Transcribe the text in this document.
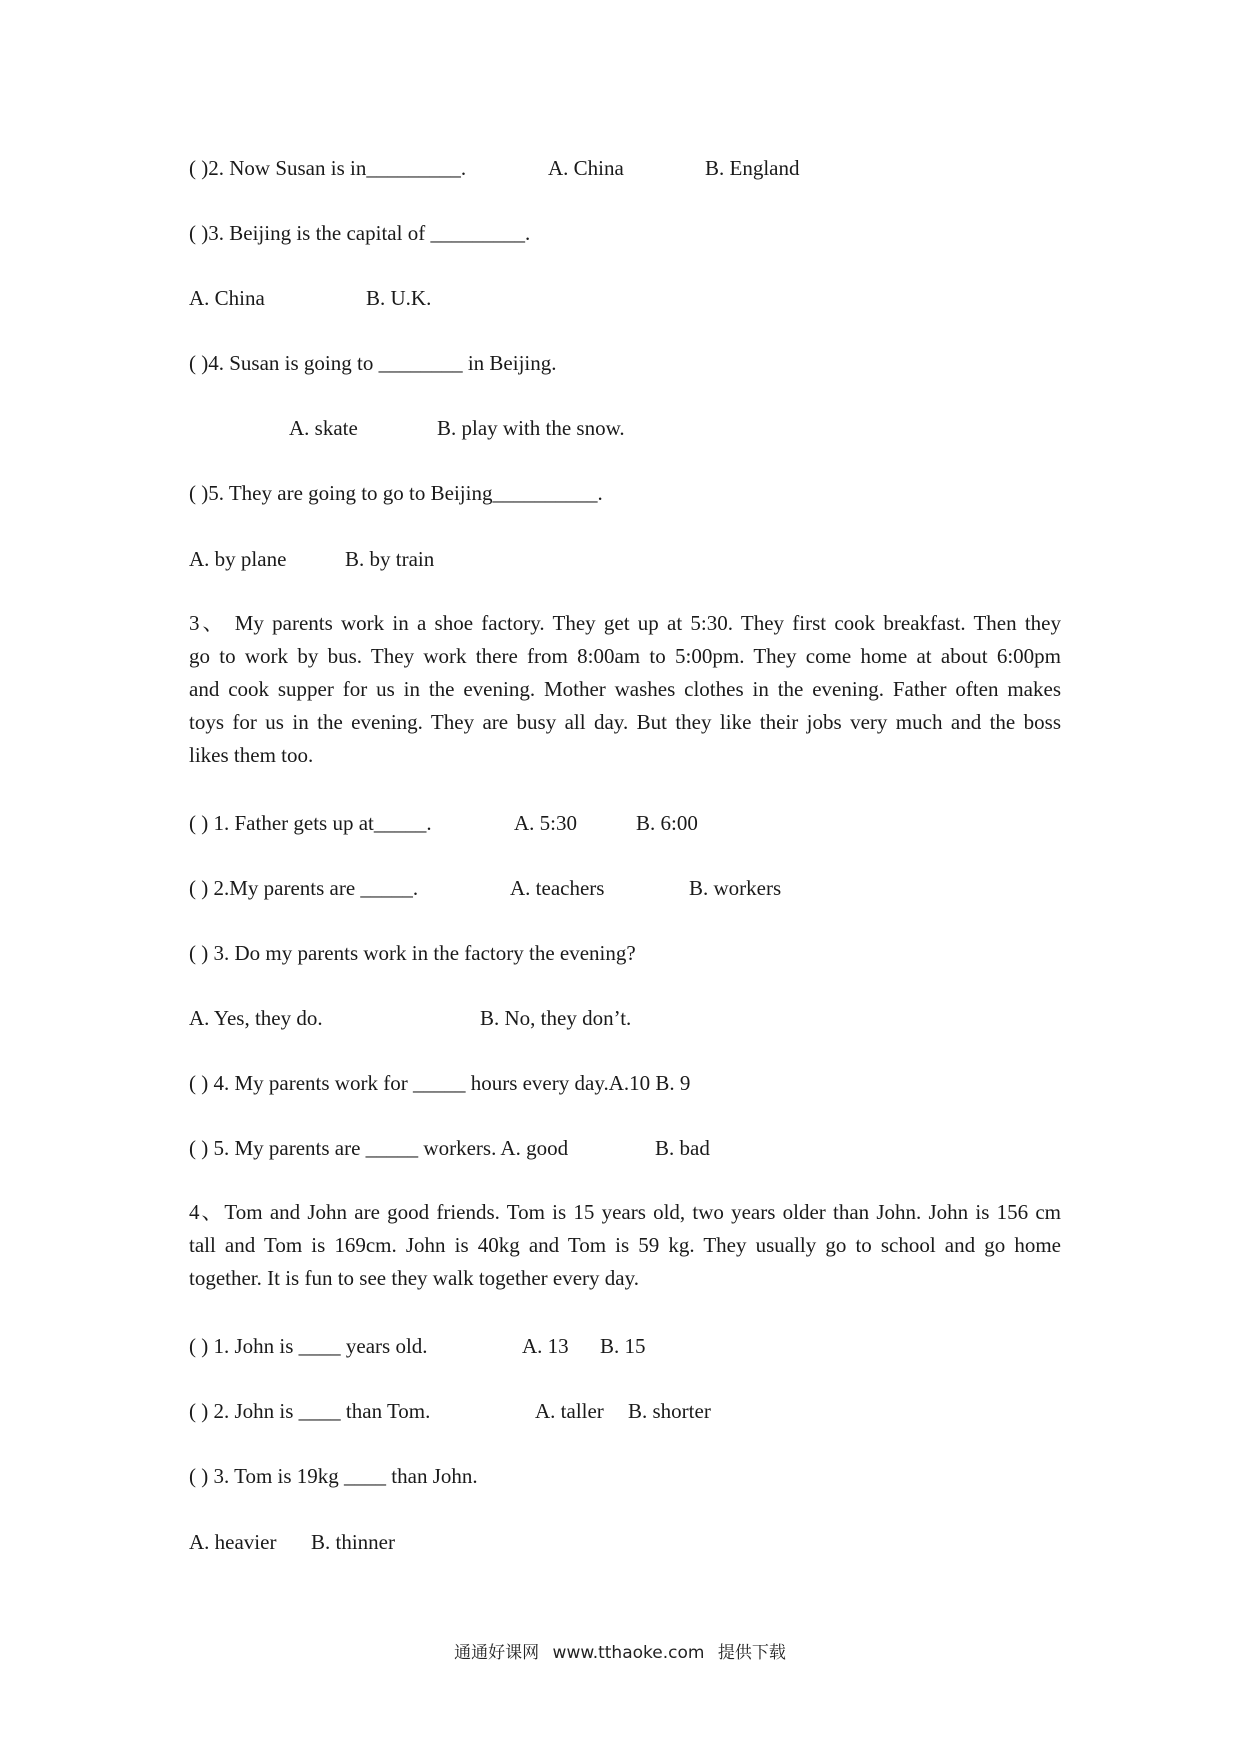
( )2. Now Susan is in_________.	A. China	B. England
( )3. Beijing is the capital of _________.
A. China	B. U.K.
( )4. Susan is going to ________ in Beijing.
A. skate	B. play with the snow.
( )5. They are going to go to Beijing__________.
A. by plane	B. by train
3、 My parents work in a shoe factory. They get up at 5:30. They first cook breakfast. Then they
go to work by bus. They work there from 8:00am to 5:00pm. They come home at about 6:00pm
and cook supper for us in the evening. Mother washes clothes in the evening. Father often makes
toys for us in the evening. They are busy all day. But they like their jobs very much and the boss
likes them too.
( ) 1. Father gets up at_____.	A. 5:30	B. 6:00
( ) 2.My parents are _____.	A. teachers	B. workers
( ) 3. Do my parents work in the factory the evening?
A. Yes, they do.	B. No, they don’t.
( ) 4. My parents work for _____ hours every day.A.10 B. 9
( ) 5. My parents are _____ workers. A. good	B. bad
4、Tom and John are good friends. Tom is 15 years old, two years older than John. John is 156 cm
tall and Tom is 169cm. John is 40kg and Tom is 59 kg. They usually go to school and go home
together. It is fun to see they walk together every day.
( ) 1. John is ____ years old.	A. 13 B. 15
( ) 2. John is ____ than Tom.	A. taller B. shorter
( ) 3. Tom is 19kg ____ than John.
A. heavier B. thinner
通通好课网 www.tthaoke.com 提供下载
